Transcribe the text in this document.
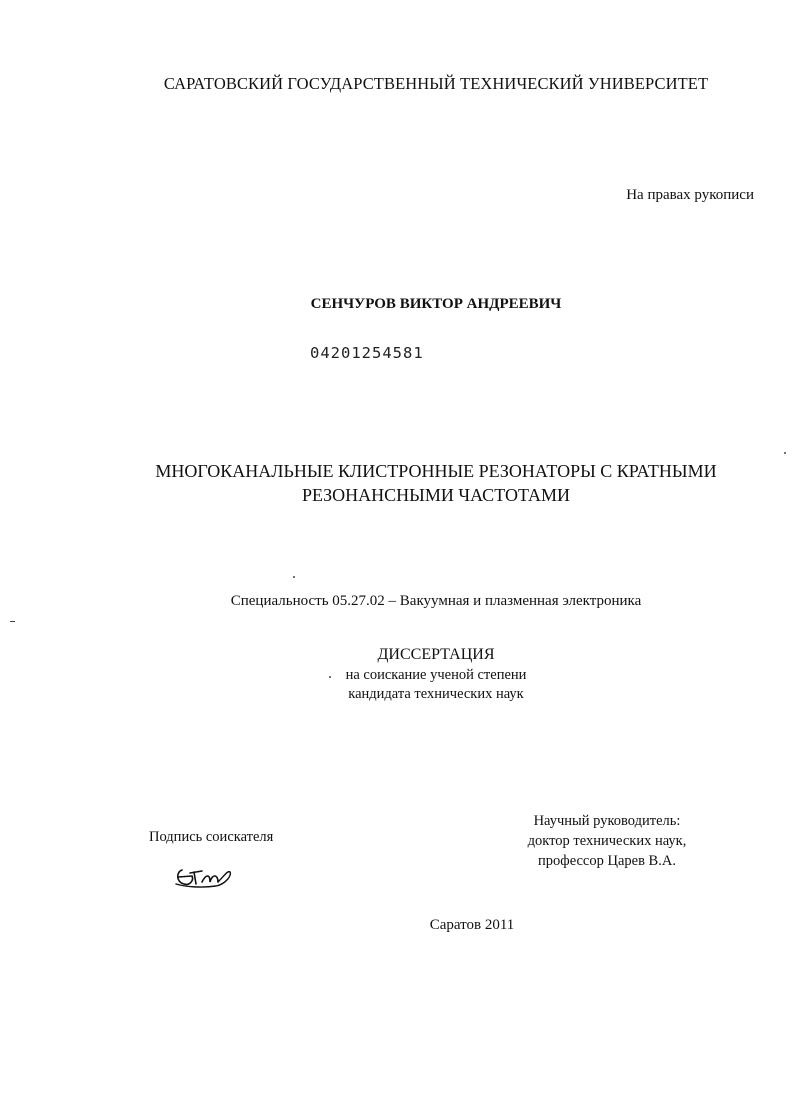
САРАТОВСКИЙ ГОСУДАРСТВЕННЫЙ ТЕХНИЧЕСКИЙ УНИВЕРСИТЕТ
На правах рукописи
СЕНЧУРОВ ВИКТОР АНДРЕЕВИЧ
04201254581
МНОГОКАНАЛЬНЫЕ КЛИСТРОННЫЕ РЕЗОНАТОРЫ С КРАТНЫМИ
РЕЗОНАНСНЫМИ ЧАСТОТАМИ
Специальность 05.27.02 – Вакуумная и плазменная электроника
ДИССЕРТАЦИЯ
на соискание ученой степени
кандидата технических наук
Научный руководитель:
доктор технических наук,
профессор Царев В.А.
Подпись соискателя
Саратов 2011
